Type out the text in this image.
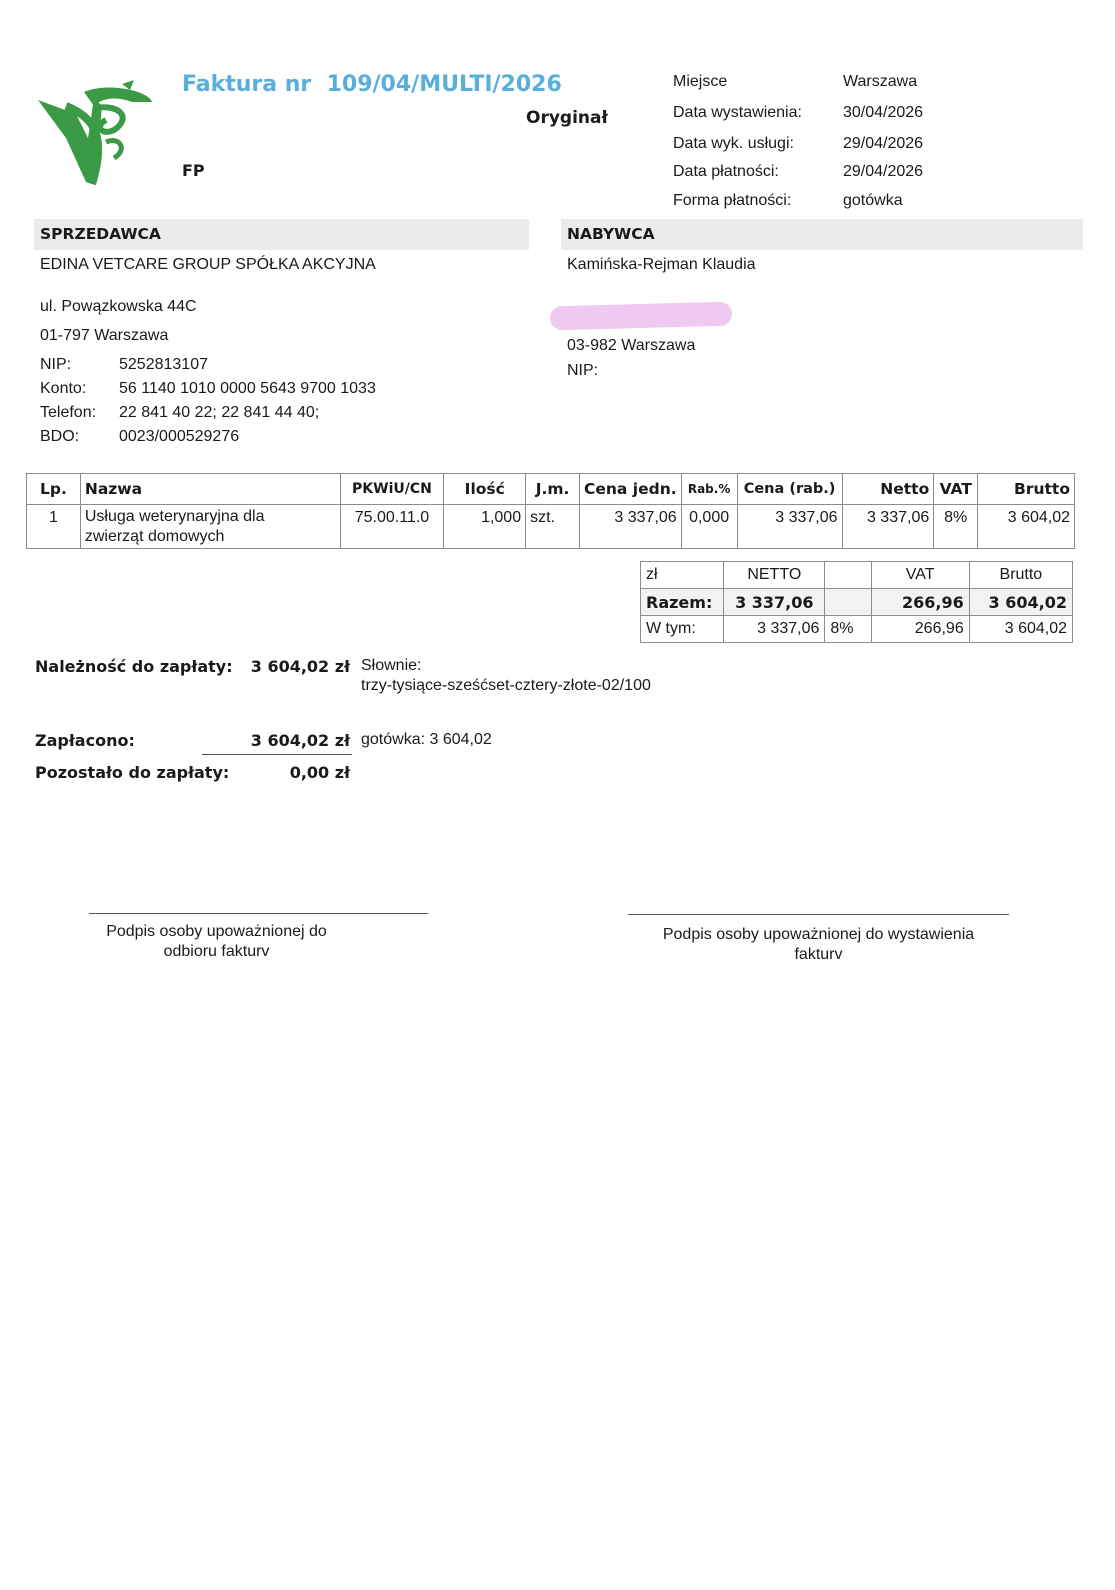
Faktura nr  109/04/MULTI/2026
Oryginał
FP
Miejsce	Warszawa
Data wystawienia:	30/04/2026
Data wyk. usługi:	29/04/2026
Data płatności:	29/04/2026
Forma płatności:	gotówka
SPRZEDAWCA	NABYWCA
EDINA VETCARE GROUP SPÓŁKA AKCYJNA
ul. Powązkowska 44C
01-797 Warszawa
NIP:	5252813107
Konto: 56 1140 1010 0000 5643 9700 1033
Telefon: 22 841 40 22; 22 841 44 40;
BDO: 0023/000529276
Kamińska-Rejman Klaudia
03-982 Warszawa
NIP:
Lp.	Nazwa	PKWiU/CN	Ilość	J.m.	Cena jedn.	Rab.%	Cena (rab.)	Netto	VAT	Brutto
1	Usługa weterynaryjna dla
zwierząt domowych	75.00.11.0	1,000	szt.	3 337,06	0,000	3 337,06	3 337,06	8%	3 604,02
zł	NETTO		VAT	Brutto
Razem:	3 337,06		266,96	3 604,02
W tym:	3 337,06	8%	266,96	3 604,02
Należność do zapłaty:	3 604,02 zł Słownie:
trzy-tysiące-sześćset-cztery-złote-02/100
Zapłacono:	3 604,02 zł gotówka: 3 604,02
Pozostało do zapłaty:	0,00 zł
Podpis osoby upoważnionej do
odbioru fakturv
Podpis osoby upoważnionej do wystawienia
fakturv
